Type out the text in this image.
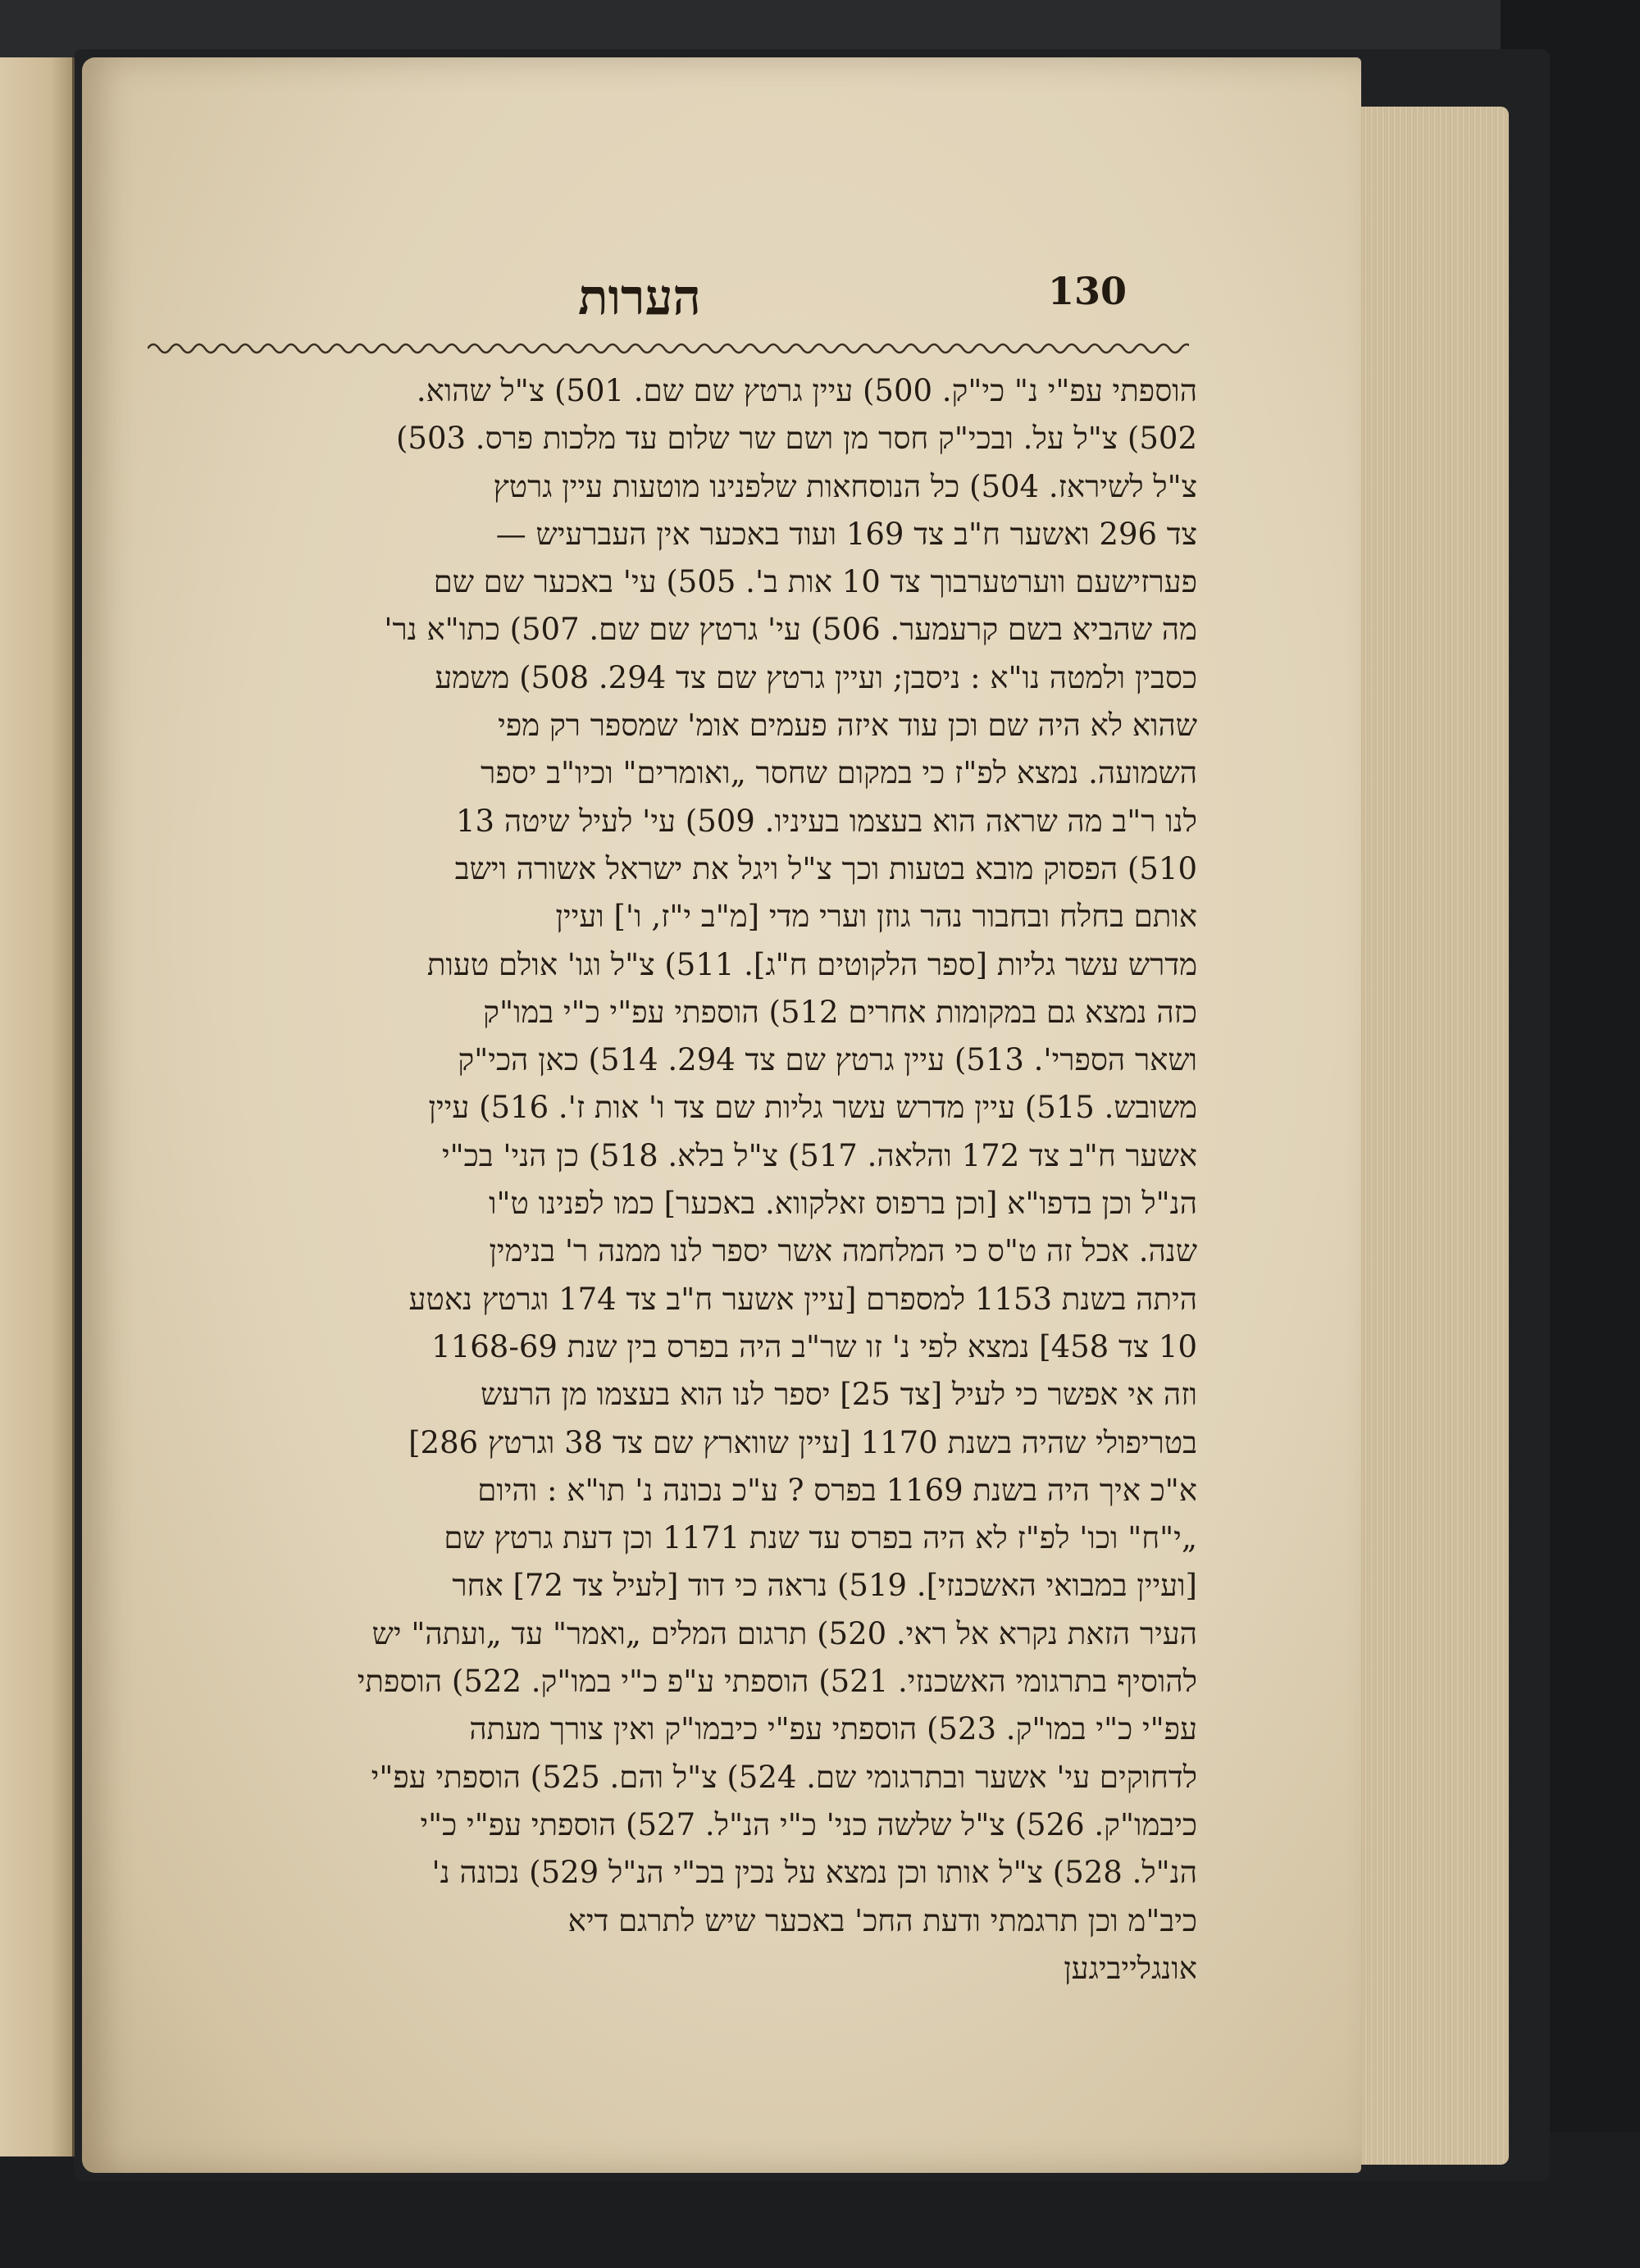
הערות	130
הוספתי עפ"י נ" כי"ק. 500) עיין גרטץ שם שם. 501) צ"ל שהוא.
502) צ"ל על. ובכי"ק חסר מן ושם שר שלום עד מלכות פרס. 503)
צ"ל לשיראז. 504) כל הנוסחאות שלפנינו מוטעות עיין גרטץ
צד 296 ואשער ח"ב צד 169 ועוד באכער אין העברעיש —
פערזישעם ווערטערבוך צד 10 אות ב'. 505) עי' באכער שם שם
מה שהביא בשם קרעמער. 506) עי' גרטץ שם שם. 507) כתו"א נר'
כסבין ולמטה נו"א : ניסבן; ועיין גרטץ שם צד 294. 508) משמע
שהוא לא היה שם וכן עוד איזה פעמים אומ' שמספר רק מפי
השמועה. נמצא לפ"ז כי במקום שחסר „ואומרים" וכיו"ב יספר
לנו ר"ב מה שראה הוא בעצמו בעיניו. 509) עי' לעיל שיטה 13
510) הפסוק מובא בטעות וכך צ"ל ויגל את ישראל אשורה וישב
אותם בחלח ובחבור נהר גוזן וערי מדי [מ"ב י"ז, ו'] ועיין
מדרש עשר גליות [ספר הלקוטים ח"ג]. 511) צ"ל וגו' אולם טעות
כזה נמצא גם במקומות אחרים 512) הוספתי עפ"י כ"י במו"ק
ושאר הספרי'. 513) עיין גרטץ שם צד 294. 514) כאן הכי"ק
משובש. 515) עיין מדרש עשר גליות שם צד ו' אות ז'. 516) עיין
אשער ח"ב צד 172 והלאה. 517) צ"ל בלא. 518) כן הני' בכ"י
הנ"ל וכן בדפו"א [וכן ברפוס זאלקווא. באכער] כמו לפנינו ט"ו
שנה. אכל זה ט"ס כי המלחמה אשר יספר לנו ממנה ר' בנימין
היתה בשנת 1153 למספרם [עיין אשער ח"ב צד 174 וגרטץ נאטע
10 צד 458] נמצא לפי נ' זו שר"ב היה בפרס בין שנת 1168-69
וזה אי אפשר כי לעיל [צד 25] יספר לנו הוא בעצמו מן הרעש
בטריפולי שהיה בשנת 1170 [עיין שווארץ שם צד 38 וגרטץ 286]
א"כ איך היה בשנת 1169 בפרס ? ע"כ נכונה נ' תו"א : והיום
„י"ח" וכו' לפ"ז לא היה בפרס עד שנת 1171 וכן דעת גרטץ שם
[ועיין במבואי האשכנזי]. 519) נראה כי דוד [לעיל צד 72] אחר
העיר הזאת נקרא אל ראי. 520) תרגום המלים „ואמר" עד „ועתה" יש
להוסיף בתרגומי האשכנזי. 521) הוספתי ע"פ כ"י במו"ק. 522) הוספתי
עפ"י כ"י במו"ק. 523) הוספתי עפ"י כיבמו"ק ואין צורך מעתה
לדחוקים עי' אשער ובתרגומי שם. 524) צ"ל והם. 525) הוספתי עפ"י
כיבמו"ק. 526) צ"ל שלשה כני' כ"י הנ"ל. 527) הוספתי עפ"י כ"י
הנ"ל. 528) צ"ל אותו וכן נמצא על נכין בכ"י הנ"ל 529) נכונה נ'
כיב"מ וכן תרגמתי ודעת החכ' באכער שיש לתרגם דיא
אונגלייביגען
